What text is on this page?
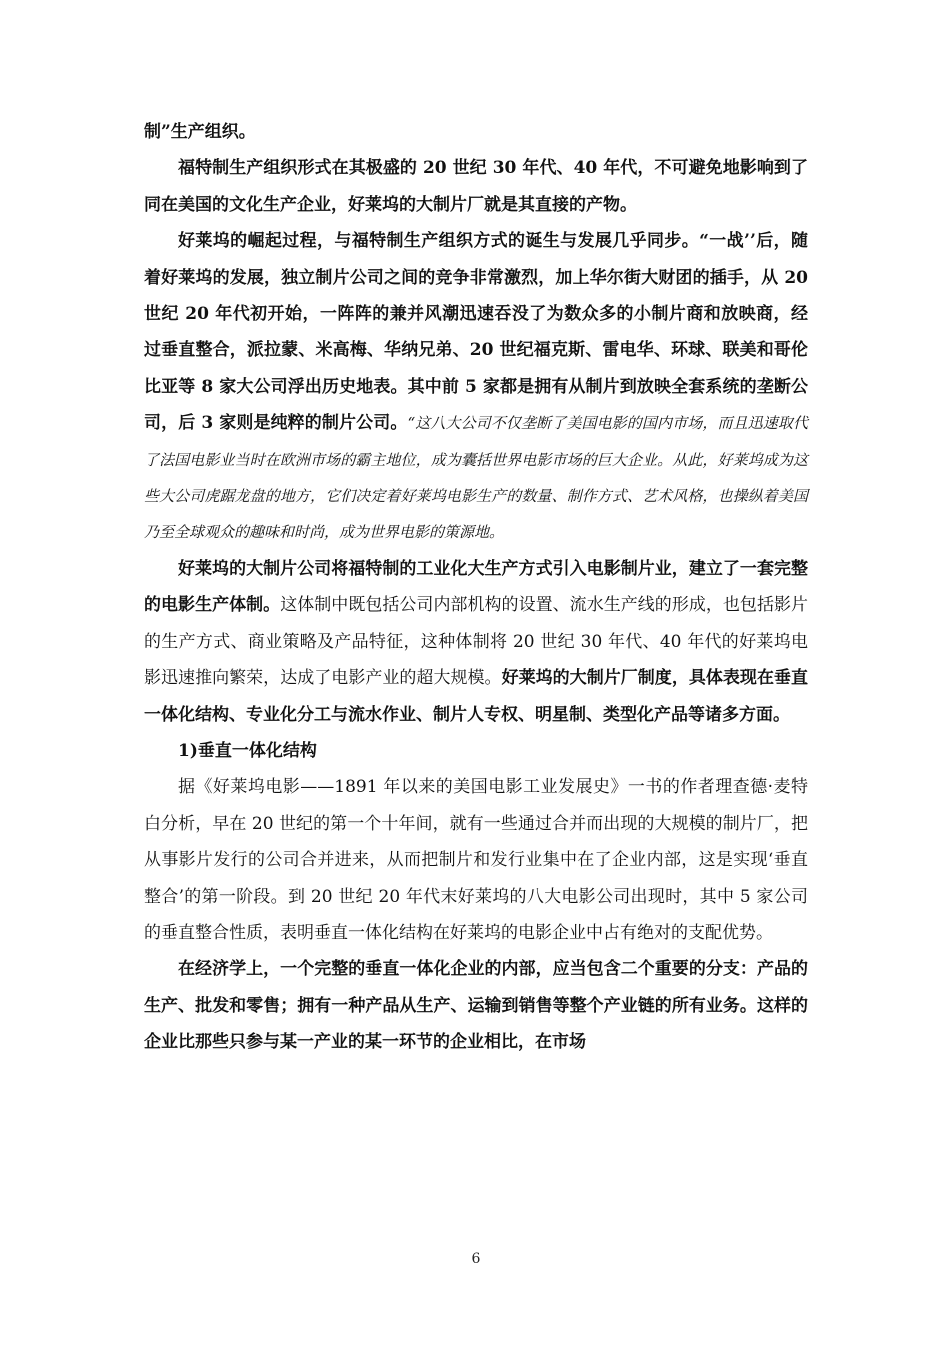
制”生产组织。

福特制生产组织形式在其极盛的 20 世纪 30 年代、40 年代，不可避免地影响到了同在美国的文化生产企业，好莱坞的大制片厂就是其直接的产物。

好莱坞的崛起过程，与福特制生产组织方式的诞生与发展几乎同步。“一战’’后，随着好莱坞的发展，独立制片公司之间的竞争非常激烈，加上华尔街大财团的插手，从 20 世纪 20 年代初开始，一阵阵的兼并风潮迅速吞没了为数众多的小制片商和放映商，经过垂直整合，派拉蒙、米高梅、华纳兄弟、20 世纪福克斯、雷电华、环球、联美和哥伦比亚等 8 家大公司浮出历史地表。其中前 5 家都是拥有从制片到放映全套系统的垄断公司，后 3 家则是纯粹的制片公司。“这八大公司不仅垄断了美国电影的国内市场，而且迅速取代了法国电影业当时在欧洲市场的霸主地位，成为囊括世界电影市场的巨大企业。从此，好莱坞成为这些大公司虎踞龙盘的地方，它们决定着好莱坞电影生产的数量、制作方式、艺术风格，也操纵着美国乃至全球观众的趣味和时尚，成为世界电影的策源地。

好莱坞的大制片公司将福特制的工业化大生产方式引入电影制片业，建立了一套完整的电影生产体制。这体制中既包括公司内部机构的设置、流水生产线的形成，也包括影片的生产方式、商业策略及产品特征，这种体制将 20 世纪 30 年代、40 年代的好莱坞电影迅速推向繁荣，达成了电影产业的超大规模。好莱坞的大制片厂制度，具体表现在垂直一体化结构、专业化分工与流水作业、制片人专权、明星制、类型化产品等诸多方面。

1)垂直一体化结构

据《好莱坞电影——1891 年以来的美国电影工业发展史》一书的作者理查德·麦特白分析，早在 20 世纪的第一个十年间，就有一些通过合并而出现的大规模的制片厂，把从事影片发行的公司合并进来，从而把制片和发行业集中在了企业内部，这是实现‘垂直整合’的第一阶段。到 20 世纪 20 年代末好莱坞的八大电影公司出现时，其中 5 家公司的垂直整合性质，表明垂直一体化结构在好莱坞的电影企业中占有绝对的支配优势。

在经济学上，一个完整的垂直一体化企业的内部，应当包含二个重要的分支：产品的生产、批发和零售；拥有一种产品从生产、运输到销售等整个产业链的所有业务。这样的企业比那些只参与某一产业的某一环节的企业相比，在市场

6
